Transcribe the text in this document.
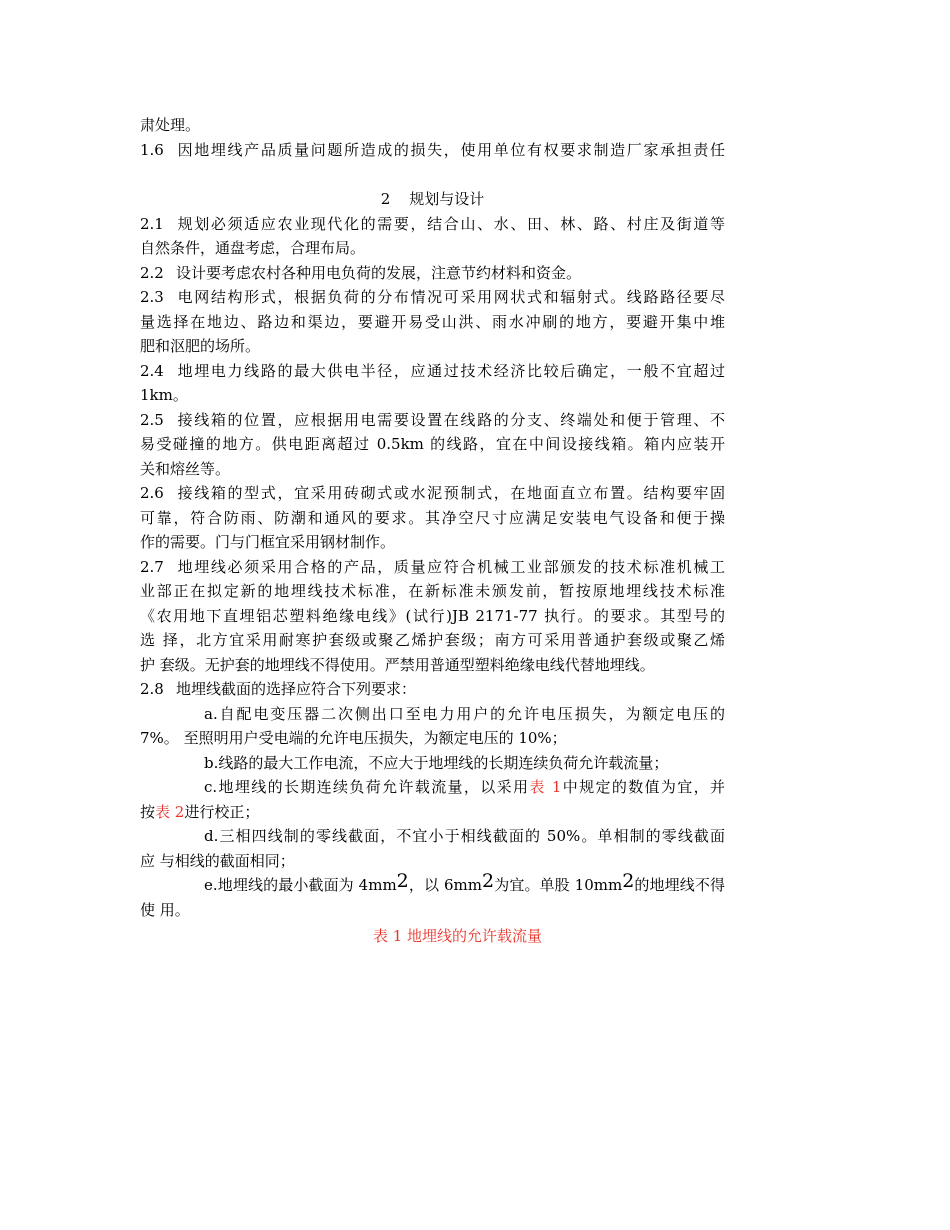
肃处理。
1.6 因地埋线产品质量问题所造成的损失，使用单位有权要求制造厂家承担责任
2    规划与设计
2.1 规划必须适应农业现代化的需要，结合山、水、田、林、路、村庄及街道等
自然条件，通盘考虑，合理布局。
2.2 设计要考虑农村各种用电负荷的发展，注意节约材料和资金。
2.3 电网结构形式，根据负荷的分布情况可采用网状式和辐射式。线路路径要尽
量选择在地边、路边和渠边，要避开易受山洪、雨水冲刷的地方，要避开集中堆
肥和沤肥的场所。
2.4 地埋电力线路的最大供电半径，应通过技术经济比较后确定，一般不宜超过
1km。
2.5 接线箱的位置，应根据用电需要设置在线路的分支、终端处和便于管理、不
易受碰撞的地方。供电距离超过 0.5km 的线路，宜在中间设接线箱。箱内应装开
关和熔丝等。
2.6 接线箱的型式，宜采用砖砌式或水泥预制式，在地面直立布置。结构要牢固
可靠，符合防雨、防潮和通风的要求。其净空尺寸应满足安装电气设备和便于操
作的需要。门与门框宜采用钢材制作。
2.7 地埋线必须采用合格的产品，质量应符合机械工业部颁发的技术标准机械工
业部正在拟定新的地埋线技术标准，在新标准未颁发前，暂按原地埋线技术标准
《农用地下直埋铝芯塑料绝缘电线》(试行)JB 2171-77 执行。的要求。其型号的
选 择，北方宜采用耐寒护套级或聚乙烯护套级；南方可采用普通护套级或聚乙烯
护 套级。无护套的地埋线不得使用。严禁用普通型塑料绝缘电线代替地埋线。
2.8 地埋线截面的选择应符合下列要求：
a.自配电变压器二次侧出口至电力用户的允许电压损失，为额定电压的
7%。 至照明用户受电端的允许电压损失，为额定电压的 10%；
b.线路的最大工作电流，不应大于地埋线的长期连续负荷允许载流量；
c.地埋线的长期连续负荷允许载流量，以采用表 1中规定的数值为宜，并
按表 2进行校正；
d.三相四线制的零线截面，不宜小于相线截面的 50%。单相制的零线截面
应 与相线的截面相同；
e.地埋线的最小截面为 $4mm^2$，以 $6mm^2$为宜。单股 $10mm^2$的地埋线不得
使 用。
表 1 地埋线的允许载流量
